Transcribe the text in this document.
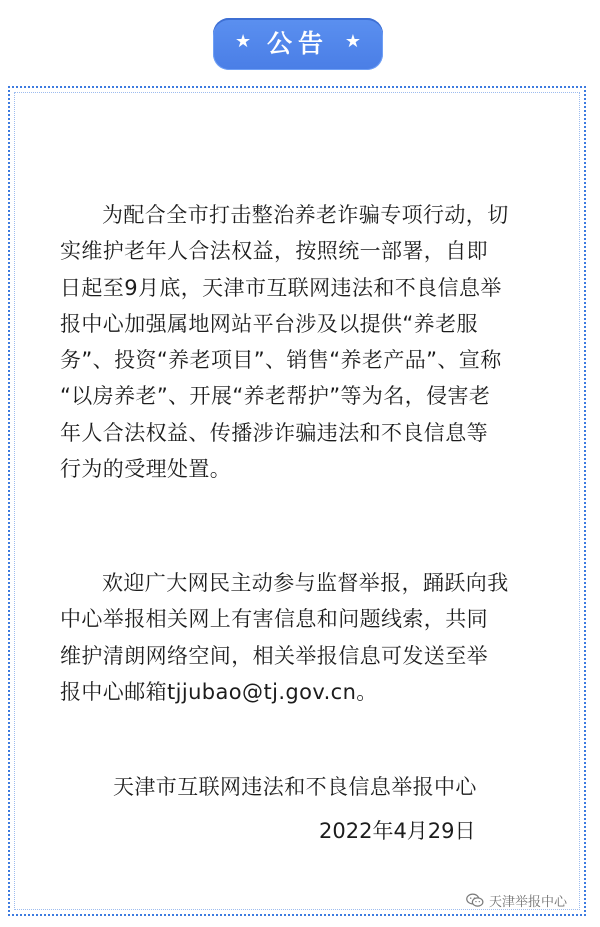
★ 公告 ★
为配合全市打击整治养老诈骗专项行动，切
实维护老年人合法权益，按照统一部署，自即
日起至9月底，天津市互联网违法和不良信息举
报中心加强属地网站平台涉及以提供“养老服
务”、投资“养老项目”、销售“养老产品”、宣称
“以房养老”、开展“养老帮护”等为名，侵害老
年人合法权益、传播涉诈骗违法和不良信息等
行为的受理处置。
欢迎广大网民主动参与监督举报，踊跃向我
中心举报相关网上有害信息和问题线索，共同
维护清朗网络空间，相关举报信息可发送至举
报中心邮箱tjjubao@tj.gov.cn。
天津市互联网违法和不良信息举报中心
2022年4月29日
天津举报中心
